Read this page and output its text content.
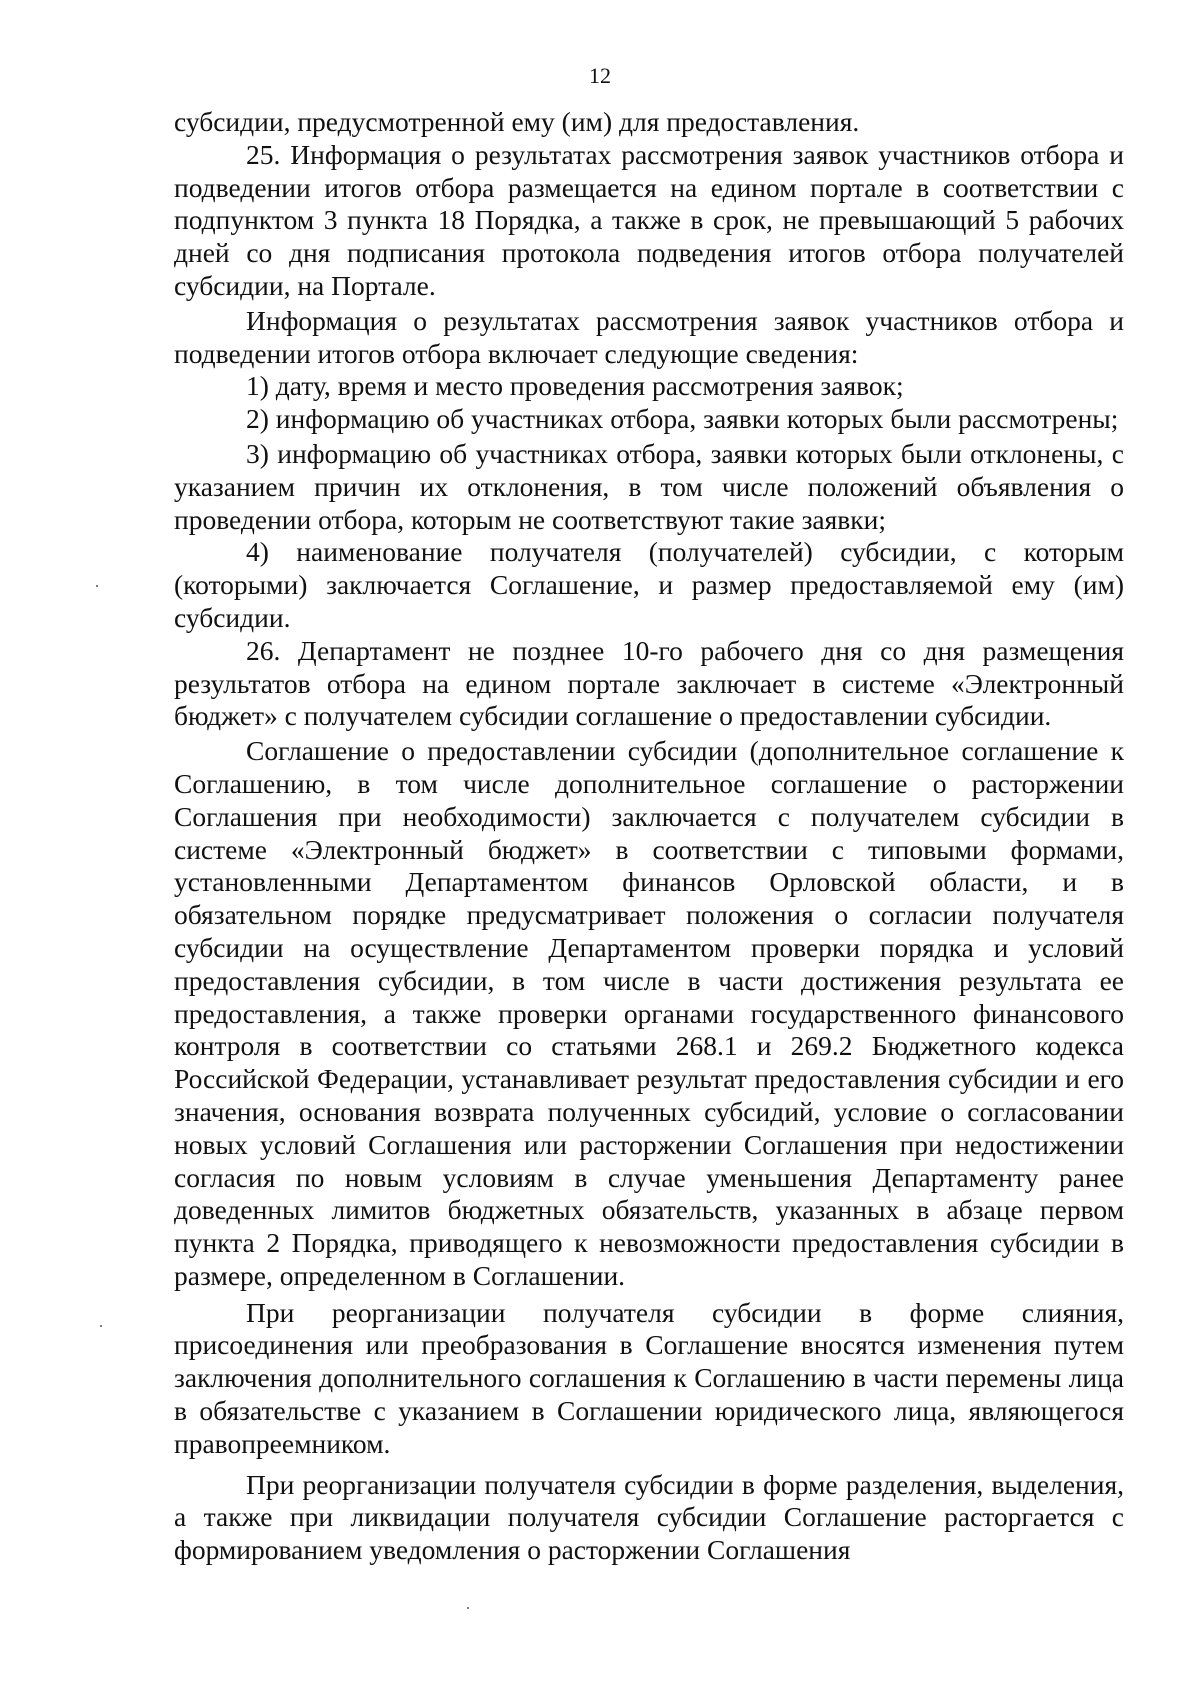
12

субсидии, предусмотренной ему (им) для предоставления.

25. Информация о результатах рассмотрения заявок участников отбора и подведении итогов отбора размещается на едином портале в соответствии с подпунктом 3 пункта 18 Порядка, а также в срок, не превышающий 5 рабочих дней со дня подписания протокола подведения итогов отбора получателей субсидии, на Портале.

Информация о результатах рассмотрения заявок участников отбора и подведении итогов отбора включает следующие сведения:

1) дату, время и место проведения рассмотрения заявок;

2) информацию об участниках отбора, заявки которых были рассмотрены;

3) информацию об участниках отбора, заявки которых были отклонены, с указанием причин их отклонения, в том числе положений объявления о проведении отбора, которым не соответствуют такие заявки;

4) наименование получателя (получателей) субсидии, с которым (которыми) заключается Соглашение, и размер предоставляемой ему (им) субсидии.

26. Департамент не позднее 10-го рабочего дня со дня размещения результатов отбора на едином портале заключает в системе «Электронный бюджет» с получателем субсидии соглашение о предоставлении субсидии.

Соглашение о предоставлении субсидии (дополнительное соглашение к Соглашению, в том числе дополнительное соглашение о расторжении Соглашения при необходимости) заключается с получателем субсидии в системе «Электронный бюджет» в соответствии с типовыми формами, установленными Департаментом финансов Орловской области, и в обязательном порядке предусматривает положения о согласии получателя субсидии на осуществление Департаментом проверки порядка и условий предоставления субсидии, в том числе в части достижения результата ее предоставления, а также проверки органами государственного финансового контроля в соответствии со статьями 268.1 и 269.2 Бюджетного кодекса Российской Федерации, устанавливает результат предоставления субсидии и его значения, основания возврата полученных субсидий, условие о согласовании новых условий Соглашения или расторжении Соглашения при недостижении согласия по новым условиям в случае уменьшения Департаменту ранее доведенных лимитов бюджетных обязательств, указанных в абзаце первом пункта 2 Порядка, приводящего к невозможности предоставления субсидии в размере, определенном в Соглашении.

При реорганизации получателя субсидии в форме слияния, присоединения или преобразования в Соглашение вносятся изменения путем заключения дополнительного соглашения к Соглашению в части перемены лица в обязательстве с указанием в Соглашении юридического лица, являющегося правопреемником.

При реорганизации получателя субсидии в форме разделения, выделения, а также при ликвидации получателя субсидии Соглашение расторгается с формированием уведомления о расторжении Соглашения
